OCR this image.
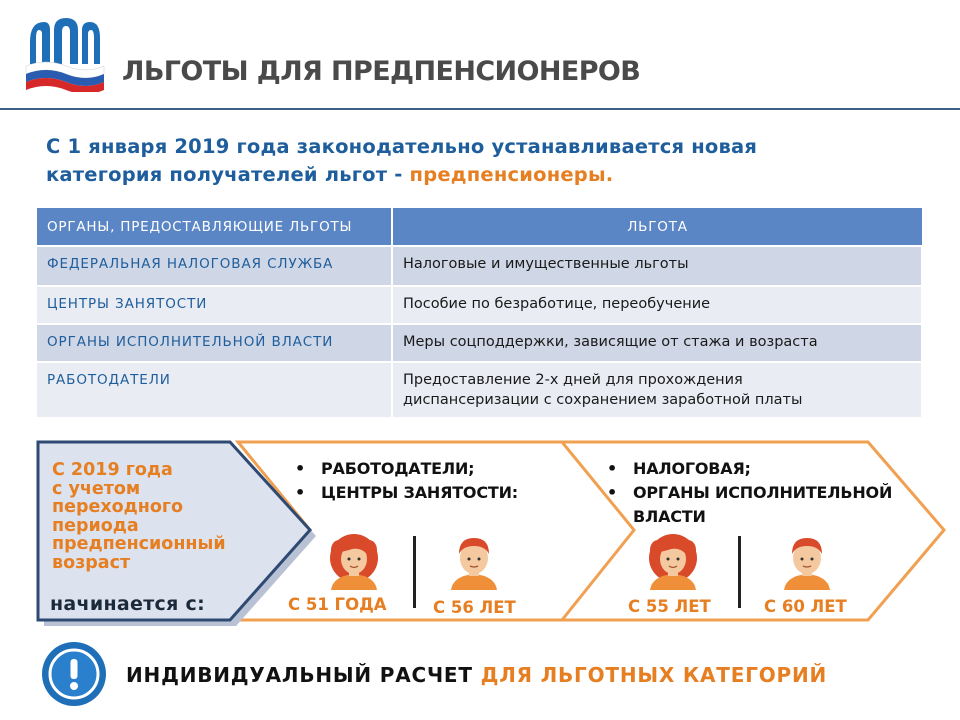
ЛЬГОТЫ ДЛЯ ПРЕДПЕНСИОНЕРОВ
С 1 января 2019 года законодательно устанавливается новая
категория получателей льгот - предпенсионеры.
ОРГАНЫ, ПРЕДОСТАВЛЯЮЩИЕ ЛЬГОТЫ	ЛЬГОТА
ФЕДЕРАЛЬНАЯ НАЛОГОВАЯ СЛУЖБА	Налоговые и имущественные льготы
ЦЕНТРЫ ЗАНЯТОСТИ	Пособие по безработице, переобучение
ОРГАНЫ ИСПОЛНИТЕЛЬНОЙ ВЛАСТИ	Меры соцподдержки, зависящие от стажа и возраста
РАБОТОДАТЕЛИ	Предоставление 2-х дней для прохождения
диспансеризации с сохранением заработной платы
С 2019 года
с учетом
переходного
периода
предпенсионный
возраст
начинается с:
• РАБОТОДАТЕЛИ;
• ЦЕНТРЫ ЗАНЯТОСТИ:
• НАЛОГОВАЯ;
• ОРГАНЫ ИСПОЛНИТЕЛЬНОЙ ВЛАСТИ
С 51 ГОДА	С 56 ЛЕТ	С 55 ЛЕТ	С 60 ЛЕТ
ИНДИВИДУАЛЬНЫЙ РАСЧЕТ ДЛЯ ЛЬГОТНЫХ КАТЕГОРИЙ
